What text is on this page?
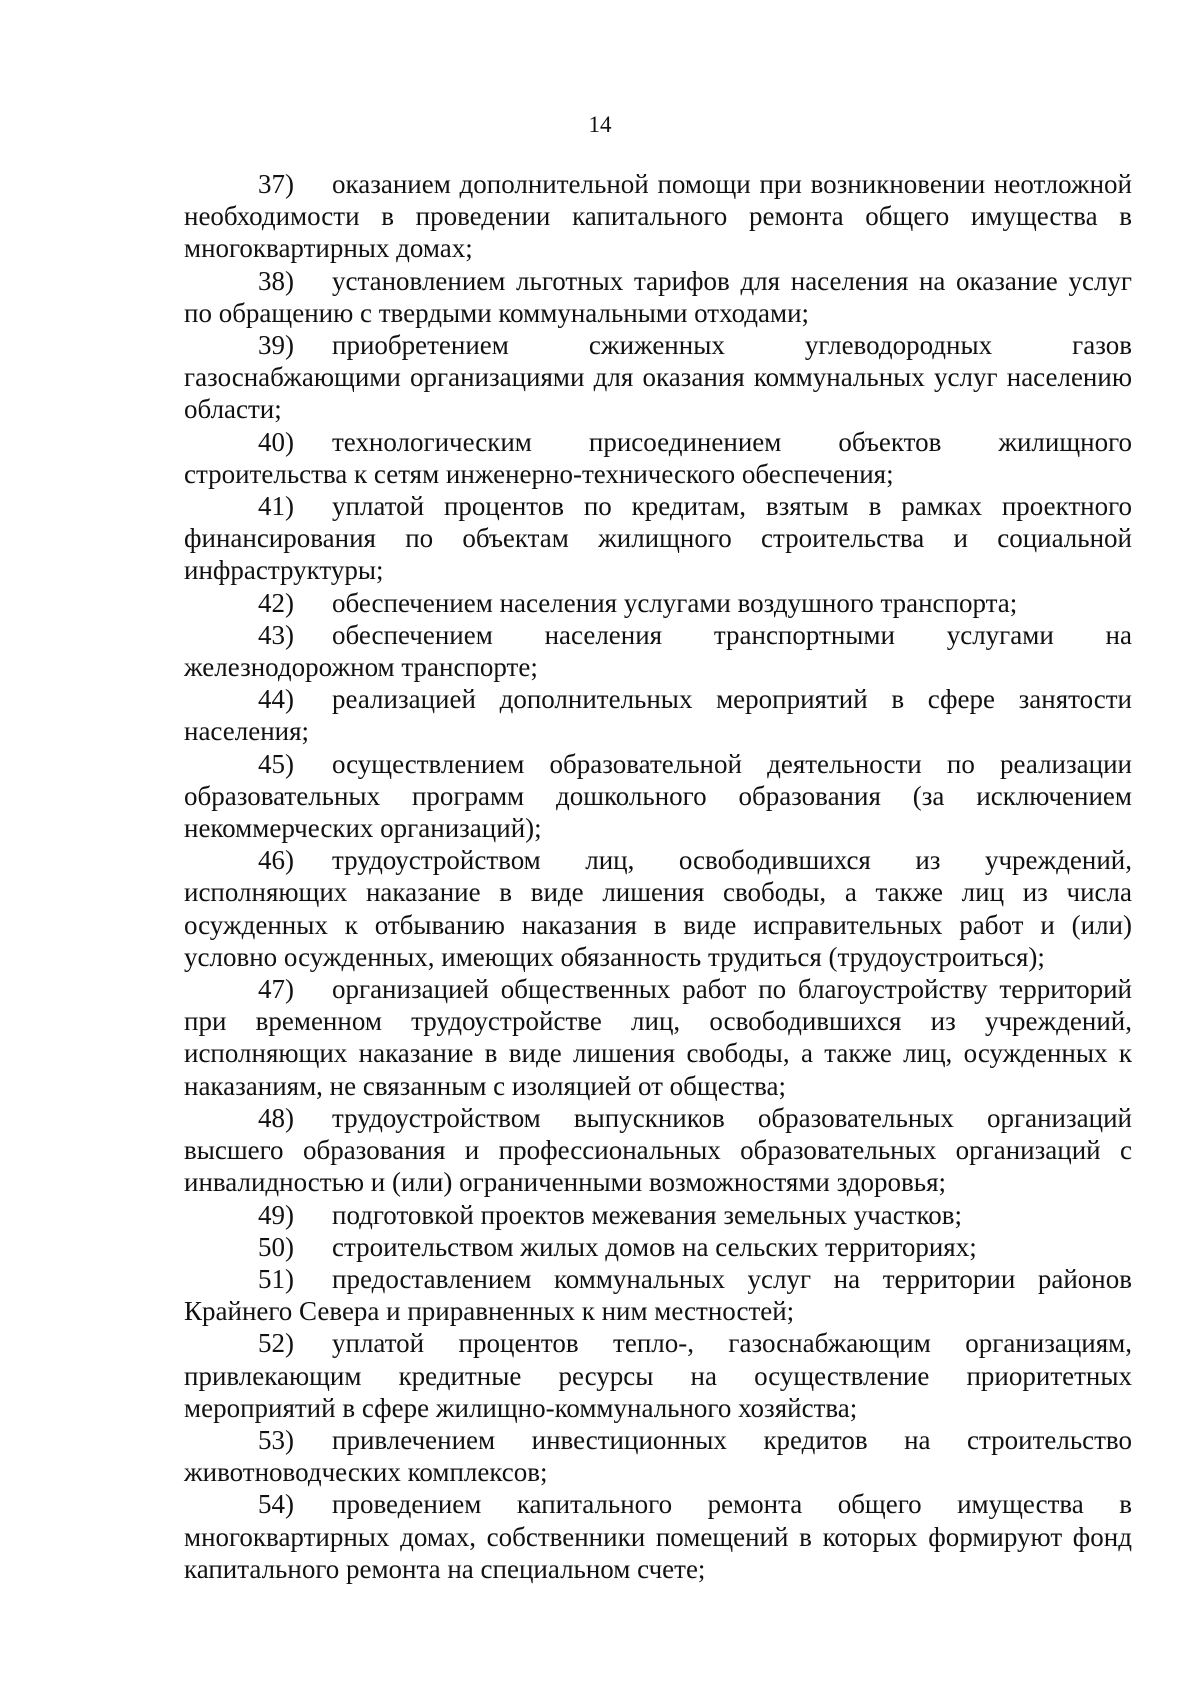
14

37) оказанием дополнительной помощи при возникновении неотложной необходимости в проведении капитального ремонта общего имущества в многоквартирных домах;

38) установлением льготных тарифов для населения на оказание услуг по обращению с твердыми коммунальными отходами;

39) приобретением сжиженных углеводородных газов газоснабжающими организациями для оказания коммунальных услуг населению области;

40) технологическим присоединением объектов жилищного строительства к сетям инженерно-технического обеспечения;

41) уплатой процентов по кредитам, взятым в рамках проектного финансирования по объектам жилищного строительства и социальной инфраструктуры;

42) обеспечением населения услугами воздушного транспорта;

43) обеспечением населения транспортными услугами на железнодорожном транспорте;

44) реализацией дополнительных мероприятий в сфере занятости населения;

45) осуществлением образовательной деятельности по реализации образовательных программ дошкольного образования (за исключением некоммерческих организаций);

46) трудоустройством лиц, освободившихся из учреждений, исполняющих наказание в виде лишения свободы, а также лиц из числа осужденных к отбыванию наказания в виде исправительных работ и (или) условно осужденных, имеющих обязанность трудиться (трудоустроиться);

47) организацией общественных работ по благоустройству территорий при временном трудоустройстве лиц, освободившихся из учреждений, исполняющих наказание в виде лишения свободы, а также лиц, осужденных к наказаниям, не связанным с изоляцией от общества;

48) трудоустройством выпускников образовательных организаций высшего образования и профессиональных образовательных организаций с инвалидностью и (или) ограниченными возможностями здоровья;

49) подготовкой проектов межевания земельных участков;

50) строительством жилых домов на сельских территориях;

51) предоставлением коммунальных услуг на территории районов Крайнего Севера и приравненных к ним местностей;

52) уплатой процентов тепло-, газоснабжающим организациям, привлекающим кредитные ресурсы на осуществление приоритетных мероприятий в сфере жилищно-коммунального хозяйства;

53) привлечением инвестиционных кредитов на строительство животноводческих комплексов;

54) проведением капитального ремонта общего имущества в многоквартирных домах, собственники помещений в которых формируют фонд капитального ремонта на специальном счете;
